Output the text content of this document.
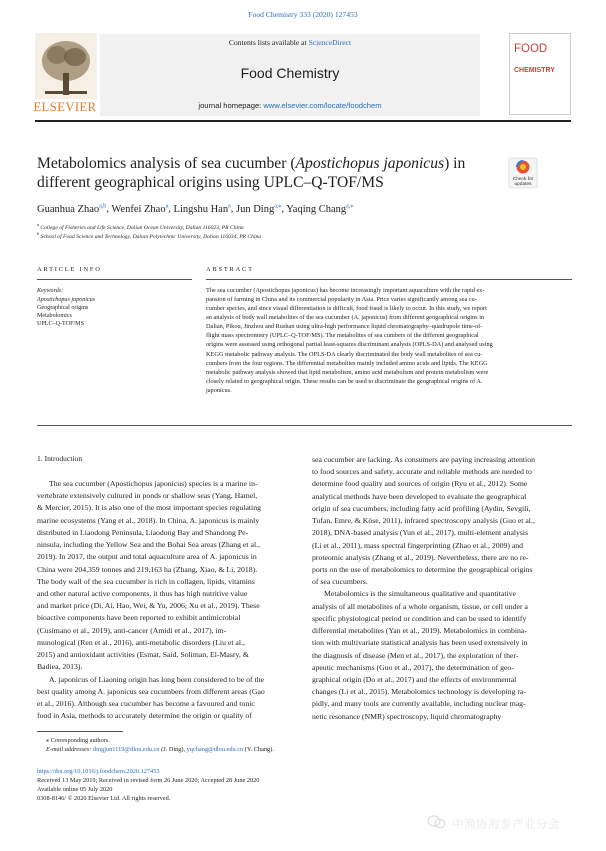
Food Chemistry 333 (2020) 127453
Contents lists available at ScienceDirect
Food Chemistry
journal homepage: www.elsevier.com/locate/foodchem
ELSEVIER
FOOD
CHEMISTRY
Metabolomics analysis of sea cucumber (Apostichopus japonicus) in different geographical origins using UPLC–Q-TOF/MS	Check for updates
Guanhua Zhao$^{a,b}$, Wenfei Zhao$^a$, Lingshu Han$^a$, Jun Ding$^{a,⁎}$, Yaqing Chang$^{a,⁎}$
$^a$ College of Fisheries and Life Science, Dalian Ocean University, Dalian 116023, PR China
$^b$ School of Food Science and Technology, Dalian Polytechnic University, Dalian 116034, PR China
ARTICLE INFO	ABSTRACT
Keywords:
Apostichopus japonicus
Geographical origins
Metabolomics
UPLC–Q-TOF/MS
The sea cucumber (Apostichopus japonicus) has become increasingly important aquaculture with the rapid ex-
pansion of farming in China and its commercial popularity in Asia. Price varies significantly among sea cu-
cumber species, and since visual differentiation is difficult, food fraud is likely to occur. In this study, we report
an analysis of body wall metabolites of the sea cucumber (A. japonicus) from different geographical origins in
Dalian, Pikou, Jinzhou and Rushan using ultra-high performance liquid chromatography–quadrupole time-of-
flight mass spectrometry (UPLC–Q-TOF/MS). The metabolites of sea cumbers of the different geographical
origins were assessed using orthogonal partial least-squares discriminant analysis (OPLS-DA) and analysed using
KEGG metabolic pathway analysis. The OPLS-DA clearly discriminated the body wall metabolites of sea cu-
cumbers from the four regions. The differential metabolites mainly included amino acids and lipids. The KEGG
metabolic pathway analysis showed that lipid metabolism, amino acid metabolism and protein metabolism were
closely related to geographical origin. These results can be used to discriminate the geographical origins of A.
japonicus.
1. Introduction
The sea cucumber (Apostichopus japonicus) species is a marine in-
vertebrate extensively cultured in ponds or shallow seas (Yang, Hamel,
& Mercier, 2015). It is also one of the most important species regulating
marine ecosystems (Yang et al., 2018). In China, A. japonicus is mainly
distributed in Liaodong Peninsula, Liaodong Bay and Shandong Pe-
ninsula, including the Yellow Sea and the Bohai Sea areas (Zhang et al.,
2019). In 2017, the output and total aquaculture area of A. japonicus in
China were 204,359 tonnes and 219,163 ha (Zhang, Xiao, & Li, 2018).
The body wall of the sea cucumber is rich in collagen, lipids, vitamins
and other natural active components, it thus has high nutritive value
and market price (Di, Ai, Hao, Wei, & Yu, 2006; Xu et al., 2019). These
bioactive components have been reported to exhibit antimicrobial
(Cusimano et al., 2019), anti-cancer (Amidi et al., 2017), im-
munological (Ren et al., 2016), anti-metabolic disorders (Liu et al.,
2015) and antioxidant activities (Esmat, Said, Soliman, El-Masry, &
Badiea, 2013).
A. japonicus of Liaoning origin has long been considered to be of the
best quality among A. japonicus sea cucumbers from different areas (Gao
et al., 2016). Although sea cucumber has become a favoured and tonic
food in Asia, methods to accurately determine the origin or quality of
sea cucumber are lacking. As consumers are paying increasing attention
to food sources and safety, accurate and reliable methods are needed to
determine food quality and sources of origin (Ryu et al., 2012). Some
analytical methods have been developed to evaluate the geographical
origin of sea cucumbers, including fatty acid profiling (Aydin, Sevgili,
Tufan, Emre, & Köse, 2011), infrared spectroscopy analysis (Guo et al.,
2018), DNA-based analysis (Yun et al., 2017), multi-element analysis
(Li et al., 2011), mass spectral fingerprinting (Zhao et al., 2009) and
proteomic analysis (Zhang et al., 2019). Nevertheless, there are no re-
ports on the use of metabolomics to determine the geographical origins
of sea cucumbers.
Metabolomics is the simultaneous qualitative and quantitative
analysis of all metabolites of a whole organism, tissue, or cell under a
specific physiological period or condition and can be used to identify
differential metabolites (Yan et al., 2019). Metabolomics in combina-
tion with multivariate statistical analysis has been used extensively in
the diagnosis of disease (Men et al., 2017), the exploration of ther-
apeutic mechanisms (Guo et al., 2017), the determination of geo-
graphical origin (Do et al., 2017) and the effects of environmental
changes (Li et al., 2015). Metabolomics technology is developing ra-
pidly, and many tools are currently available, including nuclear mag-
netic resonance (NMR) spectroscopy, liquid chromatography
⁎ Corresponding authors.
E-mail addresses: dingjun1119@dlou.edu.cn (J. Ding), yqchang@dlou.edu.cn (Y. Chang).
https://doi.org/10.1016/j.foodchem.2020.127453
Received 13 May 2019; Received in revised form 26 June 2020; Accepted 28 June 2020
Available online 05 July 2020
0308-8146/ © 2020 Elsevier Ltd. All rights reserved.
中渔协海参产业分会
